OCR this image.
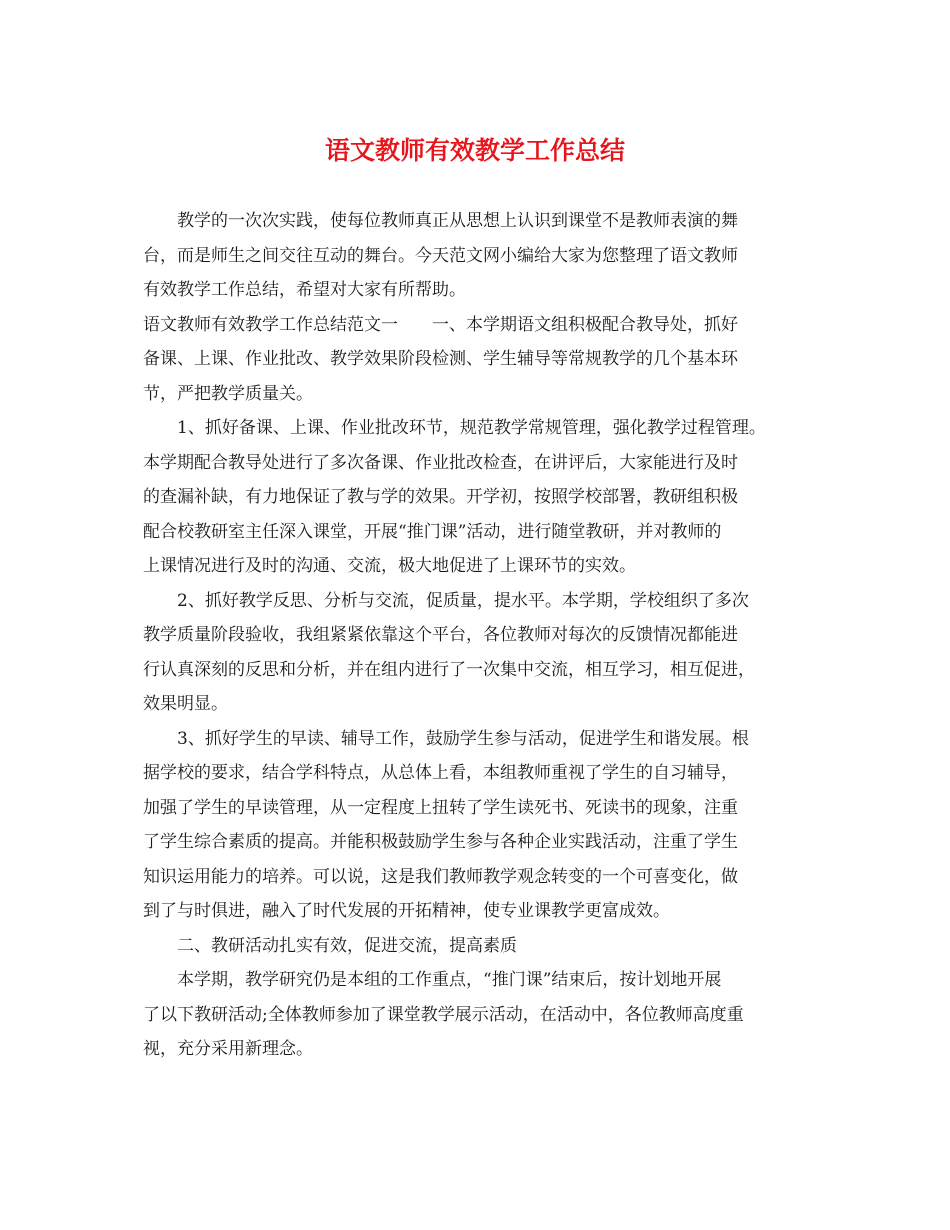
语文教师有效教学工作总结
教学的一次次实践，使每位教师真正从思想上认识到课堂不是教师表演的舞
台，而是师生之间交往互动的舞台。今天范文网小编给大家为您整理了语文教师
有效教学工作总结，希望对大家有所帮助。
语文教师有效教学工作总结范文一　　一、本学期语文组积极配合教导处，抓好
备课、上课、作业批改、教学效果阶段检测、学生辅导等常规教学的几个基本环
节，严把教学质量关。
1、抓好备课、上课、作业批改环节，规范教学常规管理，强化教学过程管理。
本学期配合教导处进行了多次备课、作业批改检查，在讲评后，大家能进行及时
的查漏补缺，有力地保证了教与学的效果。开学初，按照学校部署，教研组积极
配合校教研室主任深入课堂，开展“推门课”活动，进行随堂教研，并对教师的
上课情况进行及时的沟通、交流，极大地促进了上课环节的实效。
2、抓好教学反思、分析与交流，促质量，提水平。本学期，学校组织了多次
教学质量阶段验收，我组紧紧依靠这个平台，各位教师对每次的反馈情况都能进
行认真深刻的反思和分析，并在组内进行了一次集中交流，相互学习，相互促进，
效果明显。
3、抓好学生的早读、辅导工作，鼓励学生参与活动，促进学生和谐发展。根
据学校的要求，结合学科特点，从总体上看，本组教师重视了学生的自习辅导，
加强了学生的早读管理，从一定程度上扭转了学生读死书、死读书的现象，注重
了学生综合素质的提高。并能积极鼓励学生参与各种企业实践活动，注重了学生
知识运用能力的培养。可以说，这是我们教师教学观念转变的一个可喜变化，做
到了与时俱进，融入了时代发展的开拓精神，使专业课教学更富成效。
二、教研活动扎实有效，促进交流，提高素质
本学期，教学研究仍是本组的工作重点，“推门课”结束后，按计划地开展
了以下教研活动;全体教师参加了课堂教学展示活动，在活动中，各位教师高度重
视，充分采用新理念。
